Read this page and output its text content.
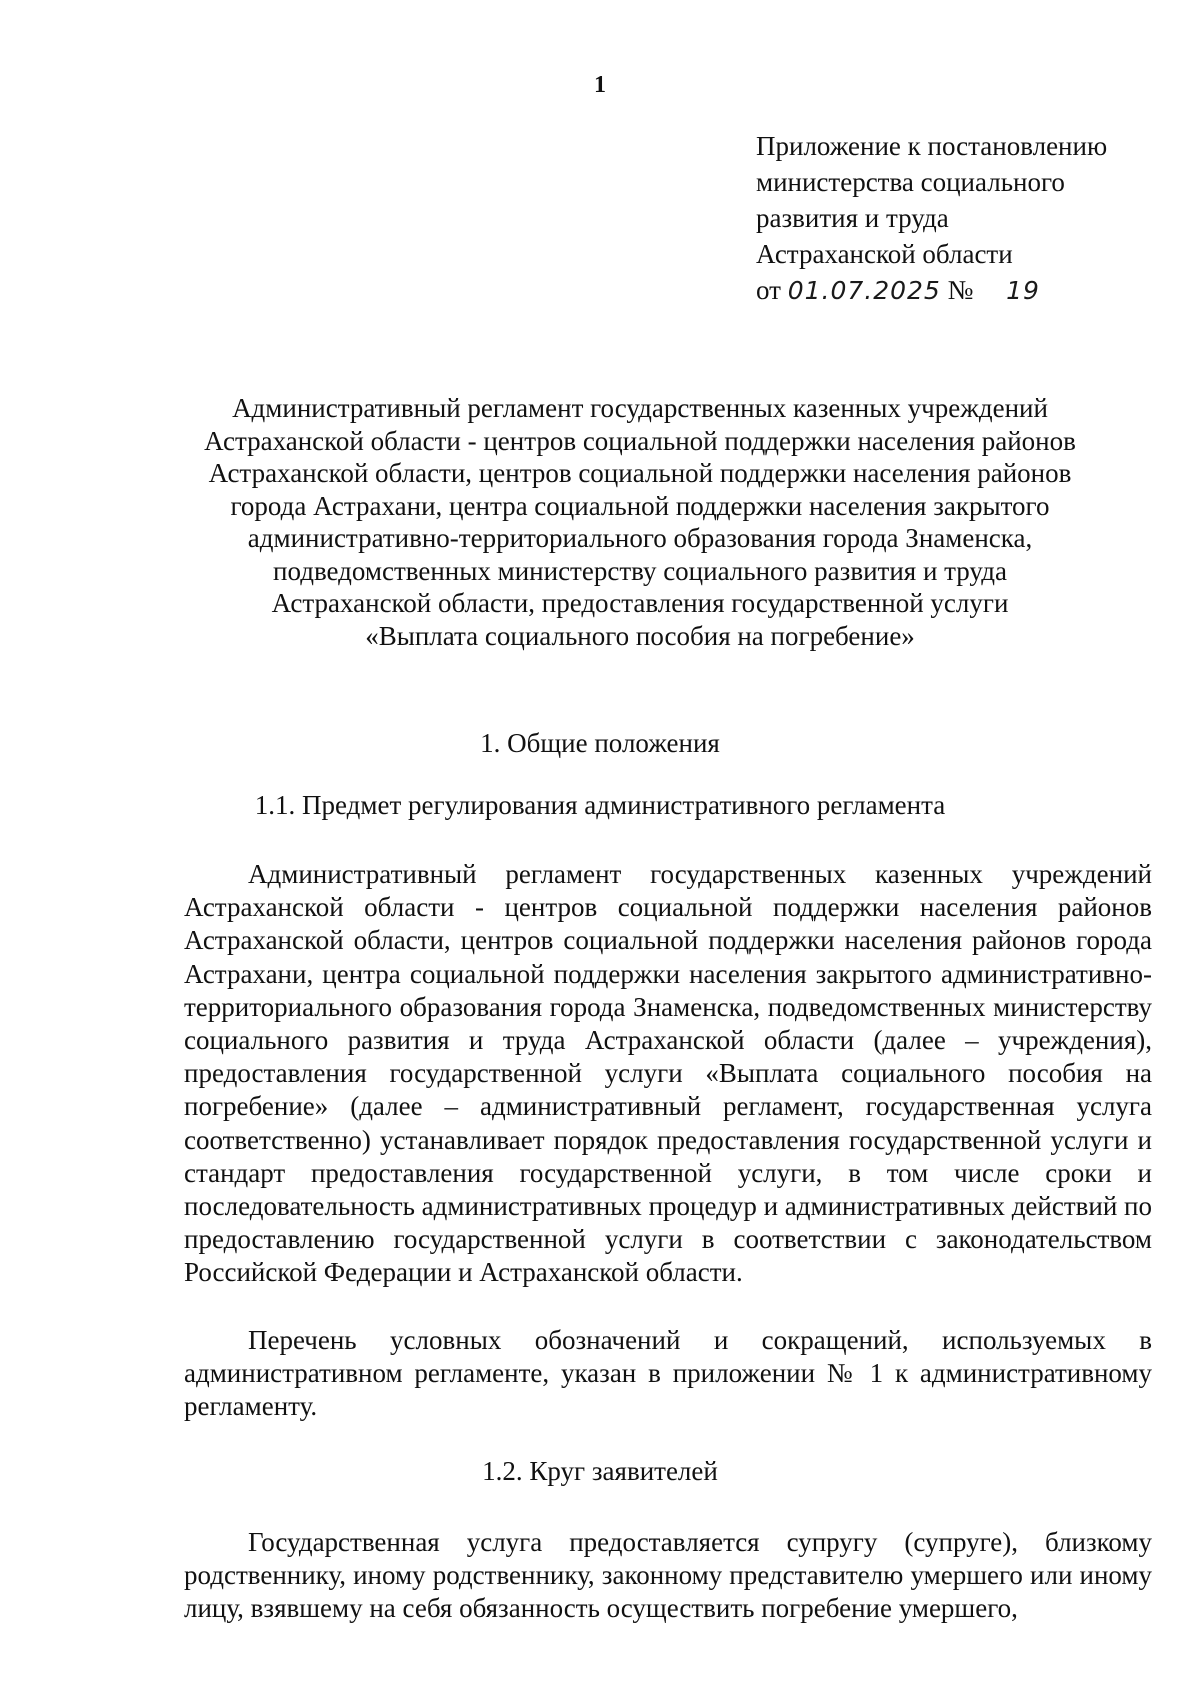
1
Приложение к постановлению
министерства социального
развития и труда
Астраханской области
от 01.07.2025 № 19
Административный регламент государственных казенных учреждений
Астраханской области - центров социальной поддержки населения районов
Астраханской области, центров социальной поддержки населения районов
города Астрахани, центра социальной поддержки населения закрытого
административно-территориального образования города Знаменска,
подведомственных министерству социального развития и труда
Астраханской области, предоставления государственной услуги
«Выплата социального пособия на погребение»
1. Общие положения
1.1. Предмет регулирования административного регламента

Административный регламент государственных казенных учреждений Астраханской области - центров социальной поддержки населения районов Астраханской области, центров социальной поддержки населения районов города Астрахани, центра социальной поддержки населения закрытого административно-территориального образования города Знаменска, подведомственных министерству социального развития и труда Астраханской области (далее – учреждения), предоставления государственной услуги «Выплата социального пособия на погребение» (далее – административный регламент, государственная услуга соответственно) устанавливает порядок предоставления государственной услуги и стандарт предоставления государственной услуги, в том числе сроки и последовательность административных процедур и административных действий по предоставлению государственной услуги в соответствии с законодательством Российской Федерации и Астраханской области.

Перечень условных обозначений и сокращений, используемых в административном регламенте, указан в приложении № 1 к административному регламенту.

1.2. Круг заявителей

Государственная услуга предоставляется супругу (супруге), близкому родственнику, иному родственнику, законному представителю умершего или иному лицу, взявшему на себя обязанность осуществить погребение умершего,
